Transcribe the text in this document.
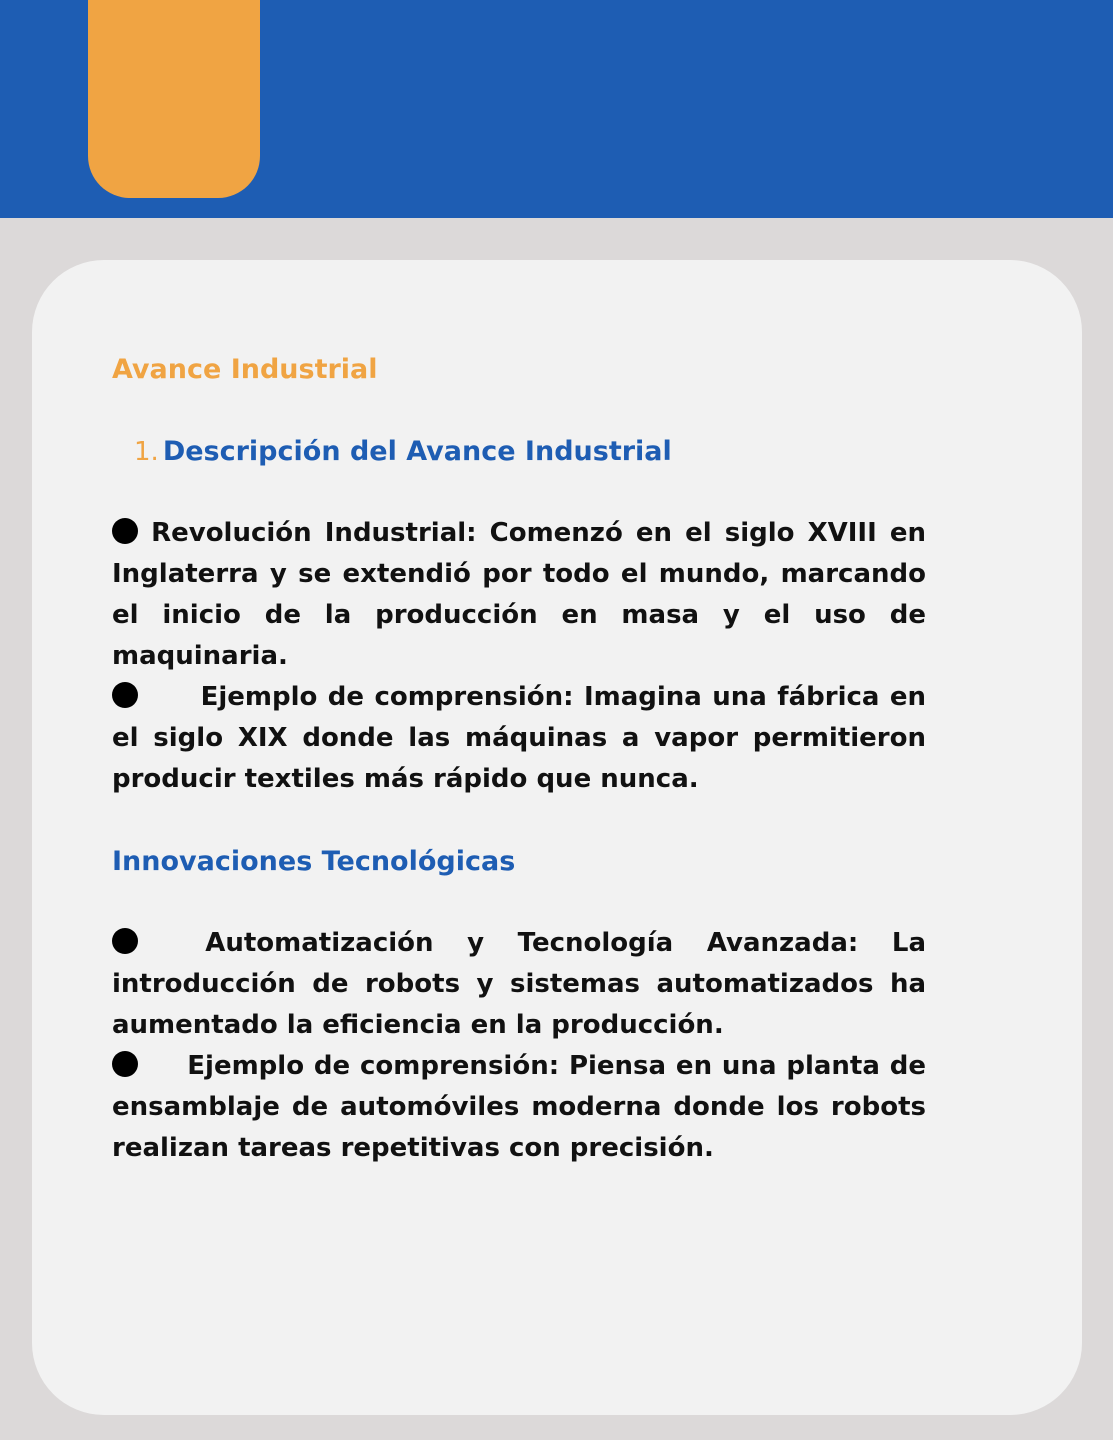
Avance Industrial
1. Descripción del Avance Industrial

Revolución Industrial: Comenzó en el siglo XVIII en Inglaterra y se extendió por todo el mundo, marcando el inicio de la producción en masa y el uso de maquinaria.

Ejemplo de comprensión: Imagina una fábrica en el siglo XIX donde las máquinas a vapor permitieron producir textiles más rápido que nunca.

Innovaciones Tecnológicas

Automatización y Tecnología Avanzada: La introducción de robots y sistemas automatizados ha aumentado la eficiencia en la producción.

Ejemplo de comprensión: Piensa en una planta de ensamblaje de automóviles moderna donde los robots realizan tareas repetitivas con precisión.
